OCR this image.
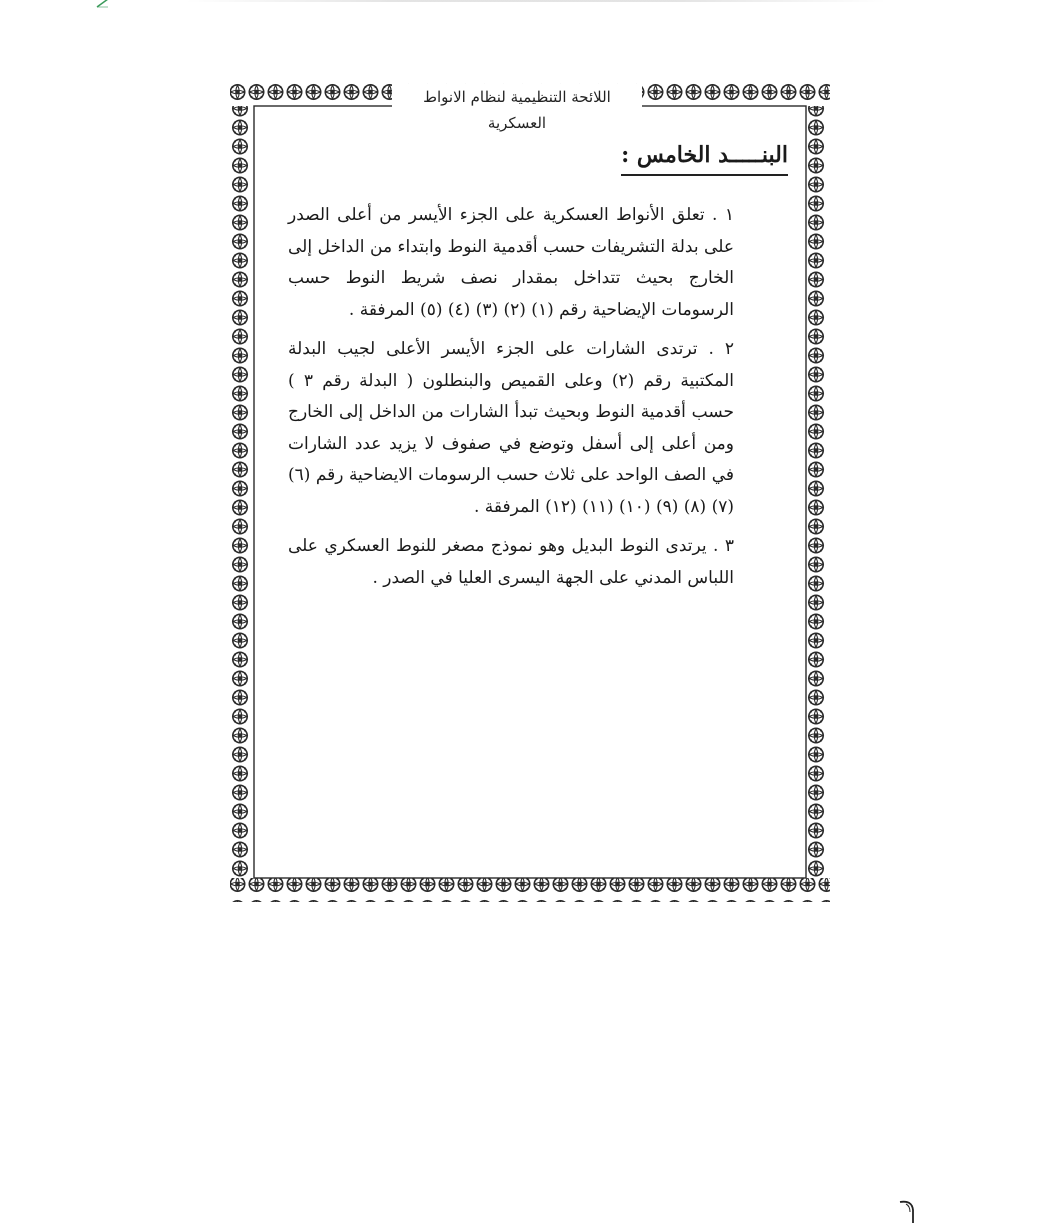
اللائحة التنظيمية لنظام الانواط العسكرية
البنـــــد الخامس :

١ . تعلق الأنواط العسكرية على الجزء الأيسر من أعلى الصدر على بدلة التشريفات حسب أقدمية النوط وابتداء من الداخل إلى الخارج بحيث تتداخل بمقدار نصف شريط النوط حسب الرسومات الإيضاحية رقم (١) (٢) (٣) (٤) (٥) المرفقة .

٢ . ترتدى الشارات على الجزء الأيسر الأعلى لجيب البدلة المكتبية رقم (٢) وعلى القميص والبنطلون ( البدلة رقم ٣ ) حسب أقدمية النوط وبحيث تبدأ الشارات من الداخل إلى الخارج ومن أعلى إلى أسفل وتوضع في صفوف لا يزيد عدد الشارات في الصف الواحد على ثلاث حسب الرسومات الايضاحية رقم (٦) (٧) (٨) (٩) (١٠) (١١) (١٢) المرفقة .

٣ . يرتدى النوط البديل وهو نموذج مصغر للنوط العسكري على اللباس المدني على الجهة اليسرى العليا في الصدر .
